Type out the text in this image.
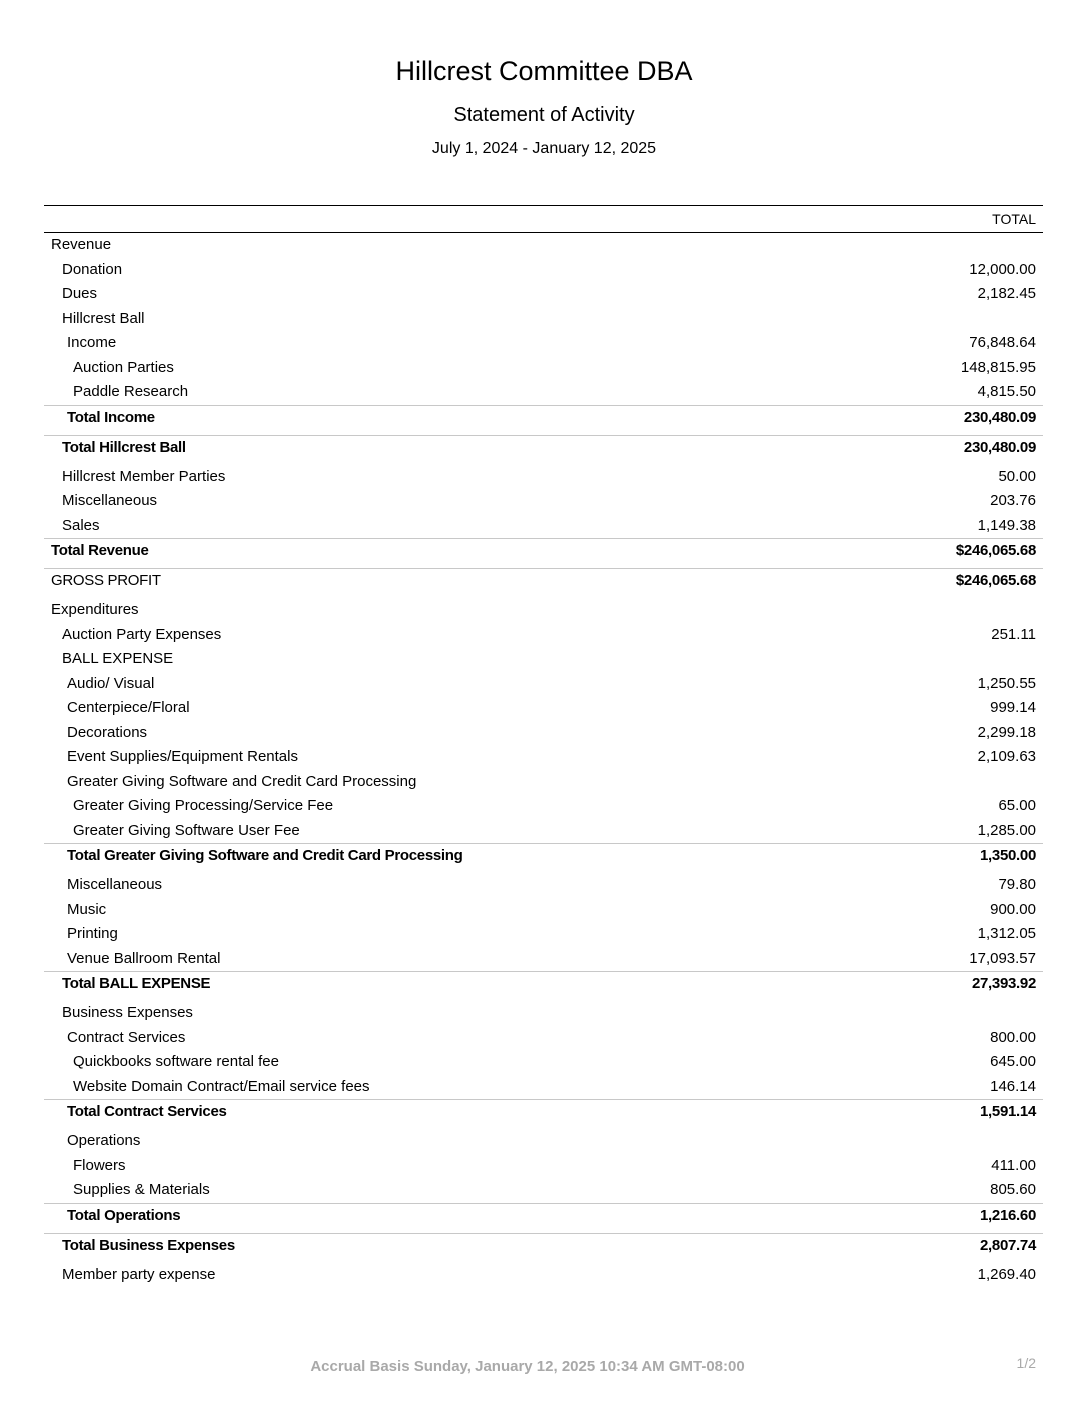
Hillcrest Committee DBA
Statement of Activity
July 1, 2024 - January 12, 2025
TOTAL
Revenue
Donation	12,000.00
Dues	2,182.45
Hillcrest Ball
Income	76,848.64
Auction Parties	148,815.95
Paddle Research	4,815.50
Total Income	230,480.09
Total Hillcrest Ball	230,480.09
Hillcrest Member Parties	50.00
Miscellaneous	203.76
Sales	1,149.38
Total Revenue	$246,065.68
GROSS PROFIT	$246,065.68
Expenditures
Auction Party Expenses	251.11
BALL EXPENSE
Audio/ Visual	1,250.55
Centerpiece/Floral	999.14
Decorations	2,299.18
Event Supplies/Equipment Rentals	2,109.63
Greater Giving Software and Credit Card Processing
Greater Giving Processing/Service Fee	65.00
Greater Giving Software User Fee	1,285.00
Total Greater Giving Software and Credit Card Processing	1,350.00
Miscellaneous	79.80
Music	900.00
Printing	1,312.05
Venue Ballroom Rental	17,093.57
Total BALL EXPENSE	27,393.92
Business Expenses
Contract Services	800.00
Quickbooks software rental fee	645.00
Website Domain Contract/Email service fees	146.14
Total Contract Services	1,591.14
Operations
Flowers	411.00
Supplies & Materials	805.60
Total Operations	1,216.60
Total Business Expenses	2,807.74
Member party expense	1,269.40
Accrual Basis Sunday, January 12, 2025 10:34 AM GMT-08:00	1/2
